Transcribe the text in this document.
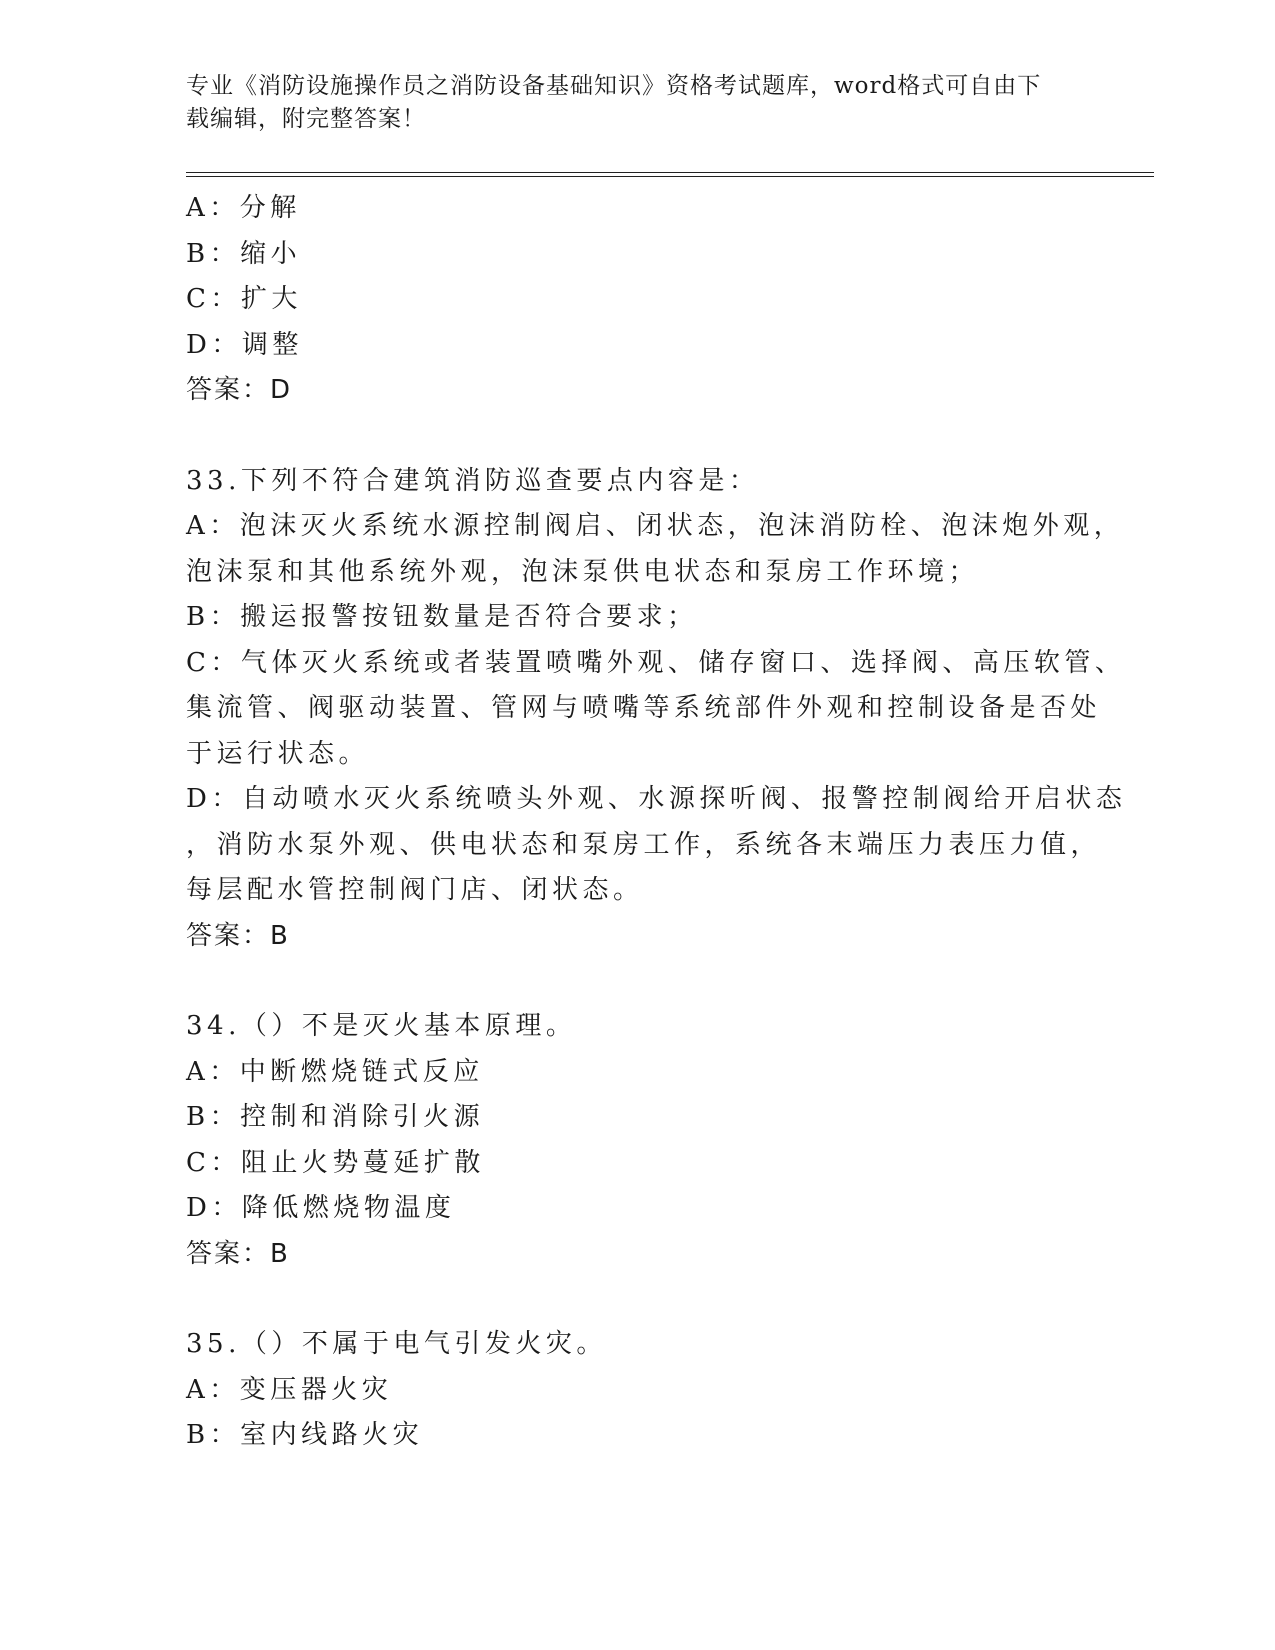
专业《消防设施操作员之消防设备基础知识》资格考试题库，word格式可自由下
载编辑，附完整答案！
A：分解
B：缩小
C：扩大
D：调整
答案：D
33.下列不符合建筑消防巡查要点内容是：
A：泡沫灭火系统水源控制阀启、闭状态，泡沫消防栓、泡沫炮外观，
泡沫泵和其他系统外观，泡沫泵供电状态和泵房工作环境；
B：搬运报警按钮数量是否符合要求；
C：气体灭火系统或者装置喷嘴外观、储存窗口、选择阀、高压软管、
集流管、阀驱动装置、管网与喷嘴等系统部件外观和控制设备是否处
于运行状态。
D：自动喷水灭火系统喷头外观、水源探听阀、报警控制阀给开启状态
，消防水泵外观、供电状态和泵房工作，系统各末端压力表压力值，
每层配水管控制阀门店、闭状态。
答案：B
34.（）不是灭火基本原理。
A：中断燃烧链式反应
B：控制和消除引火源
C：阻止火势蔓延扩散
D：降低燃烧物温度
答案：B
35.（）不属于电气引发火灾。
A：变压器火灾
B：室内线路火灾
